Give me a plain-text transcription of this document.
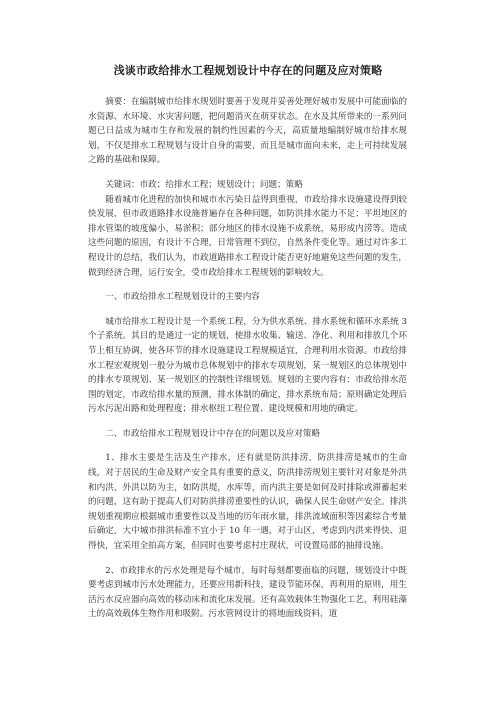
浅谈市政给排水工程规划设计中存在的问题及应对策略

摘要：在编制城市给排水规划时要善于发现并妥善处理好城市发展中可能面临的水资源、水环境、水灾害问题，把问题消灭在萌芽状态。在水及其所带来的一系列问题已日益成为城市生存和发展的制约性因素的今天，高质量地编制好城市给排水规划，不仅是排水工程规划与设计自身的需要，而且是城市面向未来，走上可持续发展之路的基础和保障。

关键词：市政；给排水工程；规划设计；问题；策略

随着城市化进程的加快和城市水污染日益得到重视，市政给排水设施建设得到较快发展，但市政道路排水设施普遍存在各种问题，如防洪排水能力不足；平坦地区的排水管渠的坡度偏小，易淤积；部分地区的排水设施不成系统，易形成内涝等。造成这些问题的原因，有设计不合理，日常管理不到位，自然条件变化等。通过对许多工程设计的总结，我们认为，市政道路排水工程设计能否更好地避免这些问题的发生，做到经济合理，运行安全，受市政给排水工程规划的影响较大。

一、市政给排水工程规划设计的主要内容

城市给排水工程设计是一个系统工程，分为供水系统、排水系统和循环水系统 3 个子系统。其目的是通过一定的规划，使排水收集、输送、净化、利用和排放几个环节上相互协调，使各环节的排水设施建设工程规模适宜，合理利用水资源。市政给排水工程宏观规划一般分为城市总体规划中的排水专项规划，某一规划区的总体规划中的排水专项规划、某一规划区的控制性详细规划。规划的主要内容有：市政给排水范围的划定，市政给排水量的预测，排水体制的确定，排水系统布局；原则确定处理后污水污泥出路和处理程度；排水枢纽工程位置、建设规模和用地的确定。

二、市政给排水工程规划设计中存在的问题以及应对策略

1、排水主要是生活及生产排水，还有就是防洪排涝，防洪排涝是城市的生命线，对于居民的生命及财产安全具有重要的意义，防洪排涝规划主要针对对象是外洪和内洪，外洪以防为主，如防洪堤，水库等，而内洪主要是如何及时排除或滞蓄起来的问题，这有助于提高人们对防洪排涝重要性的认识，确保人民生命财产安全。排洪规划重视期应根据城市重要性以及当地的历年雨水量，排洪流域面积等因素综合考量后确定，大中城市排洪标准不宜小于 10 年一遇，对于山区，考虑到内洪来得快、退得快，宜采用全拍高方案，但同时也要考虑村庄现状，可设置局部的抽排设施。

2、市政排水的污水处理是每个城市，每时每刻都要面临的问题，规划设计中既要考虑到城市污水处理能力，还要应用新科技，建设节能环保，再利用的原则，用生活污水反应器向高效的移动床和流化床发展。还有高效载体生物强化工艺，利用硅藻土的高效载体生物作用和吸附。污水管网设计的将地面线资料，道
